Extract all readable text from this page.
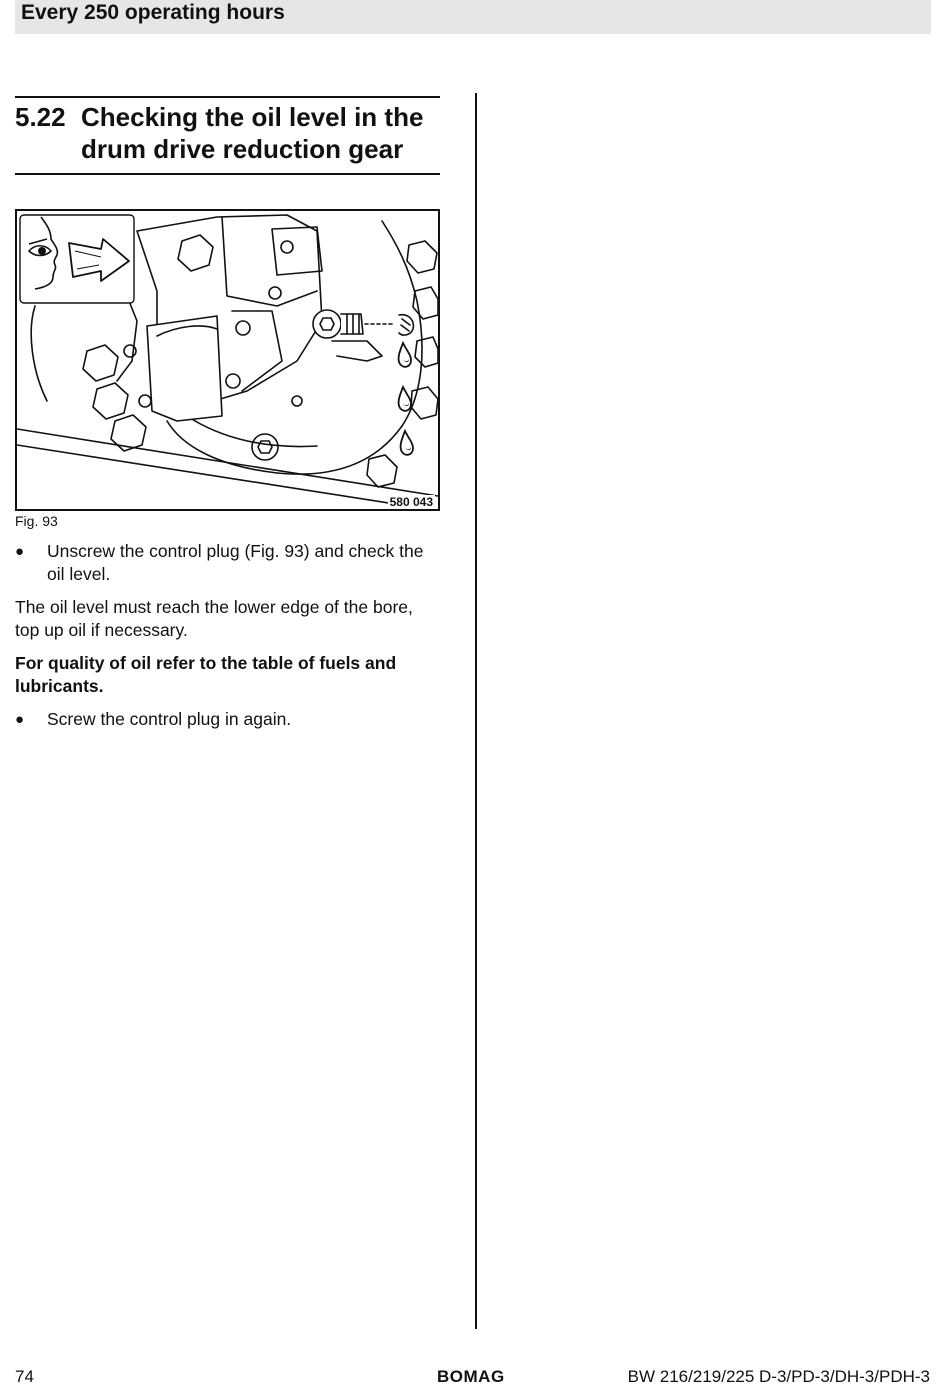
Every 250 operating hours
5.22 Checking the oil level in the drum drive reduction gear
580 043
Fig. 93
●	Unscrew the control plug (Fig. 93) and check the oil level.

The oil level must reach the lower edge of the bore, top up oil if necessary.

For quality of oil refer to the table of fuels and lubricants.

●	Screw the control plug in again.
74	BOMAG	BW 216/219/225 D-3/PD-3/DH-3/PDH-3
